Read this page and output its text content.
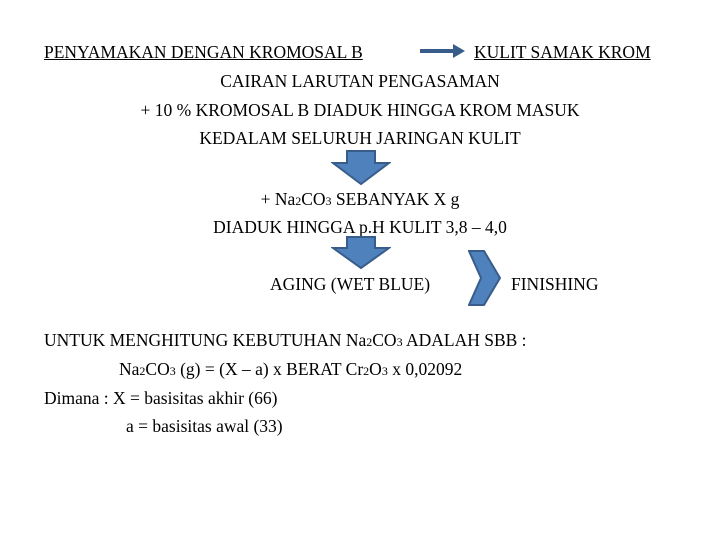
PENYAMAKAN DENGAN KROMOSAL B	KULIT SAMAK KROM
CAIRAN LARUTAN PENGASAMAN
+ 10 % KROMOSAL B DIADUK HINGGA KROM MASUK
KEDALAM SELURUH JARINGAN KULIT
+ Na2CO3 SEBANYAK X g
DIADUK HINGGA p.H KULIT 3,8 – 4,0
AGING (WET BLUE)	FINISHING
UNTUK MENGHITUNG KEBUTUHAN Na2CO3 ADALAH SBB :
Na2CO3 (g) = (X – a) x BERAT Cr2O3 x 0,02092
Dimana : X = basisitas akhir (66)
a = basisitas awal (33)
